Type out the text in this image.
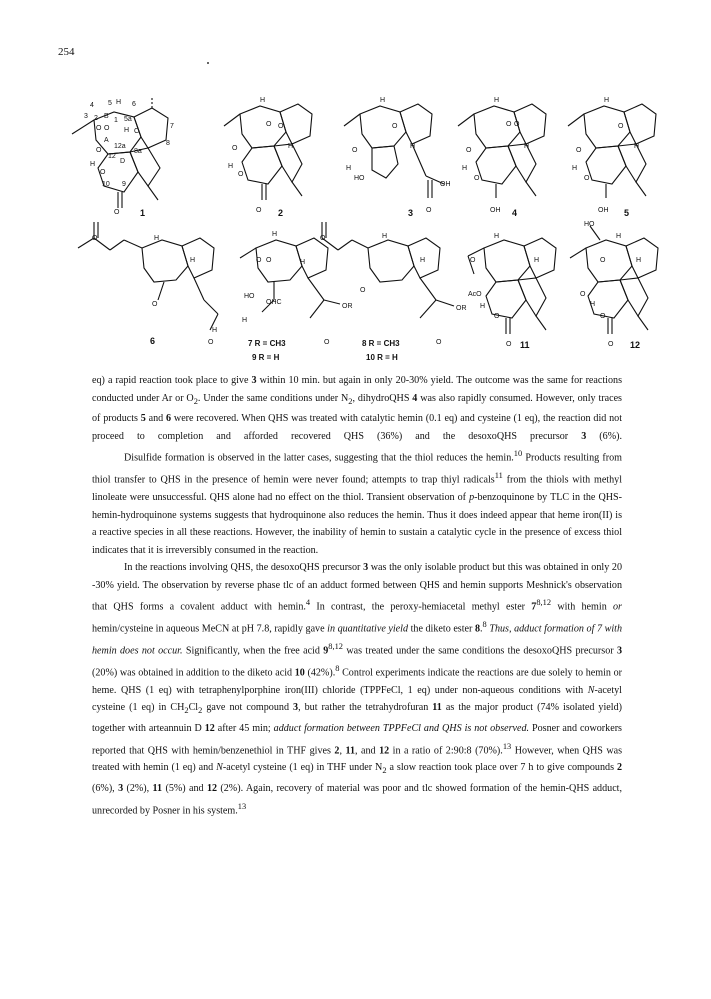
254
4 5 H 6
3 2 B
1 5a
O O H C
7
8
A
12a
8a
O
12
D
H
O
10 9
O 1
H
O
O
H
O
H
O
O 2
H
O
H
O
H
HO
OH
O
3
H
O O
H
O
H
O
OH 4
H
O
H
O
H
O
OH 5
O	H
H
O
H
O
6
H
O O	H
HO
OHC
H
OR
O
7 R = CH3
9 R = H
O	H
H
O
OR
O
8 R = CH3
10 R = H
H
O	H
AcO
H
O
O 11
HO
H
O	H
O
H
O
O 12

eq) a rapid reaction took place to give 3 within 10 min. but again in only 20-30% yield. The outcome was the same for reactions conducted under Ar or $O_2$. Under the same conditions under $N_2$, dihydroQHS 4 was also rapidly consumed. However, only traces of products 5 and 6 were recovered. When QHS was treated with catalytic hemin (0.1 eq) and cysteine (1 eq), the reaction did not proceed to completion and afforded recovered QHS (36%) and the desoxoQHS precursor 3 (6%).

Disulfide formation is observed in the latter cases, suggesting that the thiol reduces the hemin.$^{10}$ Products resulting from thiol transfer to QHS in the presence of hemin were never found; attempts to trap thiyl radicals$^{11}$ from the thiols with methyl linoleate were unsuccessful. QHS alone had no effect on the thiol. Transient observation of p-benzoquinone by TLC in the QHS-hemin-hydroquinone systems suggests that hydroquinone also reduces the hemin. Thus it does indeed appear that heme iron(II) is a reactive species in all these reactions. However, the inability of hemin to sustain a catalytic cycle in the presence of excess thiol indicates that it is irreversibly consumed in the reaction.

In the reactions involving QHS, the desoxoQHS precursor 3 was the only isolable product but this was obtained in only 20 -30% yield. The observation by reverse phase tlc of an adduct formed between QHS and hemin supports Meshnick's observation that QHS forms a covalent adduct with hemin.$^4$ In contrast, the peroxy-hemiacetal methyl ester 7$^{8,12}$ with hemin or hemin/cysteine in aqueous MeCN at pH 7.8, rapidly gave in quantitative yield the diketo ester 8.$^8$ Thus, adduct formation of 7 with hemin does not occur. Significantly, when the free acid 9$^{8,12}$ was treated under the same conditions the desoxoQHS precursor 3 (20%) was obtained in addition to the diketo acid 10 (42%).$^8$ Control experiments indicate the reactions are due solely to hemin or heme. QHS (1 eq) with tetraphenylporphine iron(III) chloride (TPPFeCl, 1 eq) under non-aqueous conditions with N-acetyl cysteine (1 eq) in $CH_2Cl_2$ gave not compound 3, but rather the tetrahydrofuran 11 as the major product (74% isolated yield) together with arteannuin D 12 after 45 min; adduct formation between TPPFeCl and QHS is not observed. Posner and coworkers reported that QHS with hemin/benzenethiol in THF gives 2, 11, and 12 in a ratio of 2:90:8 (70%).$^{13}$ However, when QHS was treated with hemin (1 eq) and N-acetyl cysteine (1 eq) in THF under $N_2$ a slow reaction took place over 7 h to give compounds 2 (6%), 3 (2%), 11 (5%) and 12 (2%). Again, recovery of material was poor and tlc showed formation of the hemin-QHS adduct, unrecorded by Posner in his system.$^{13}$
